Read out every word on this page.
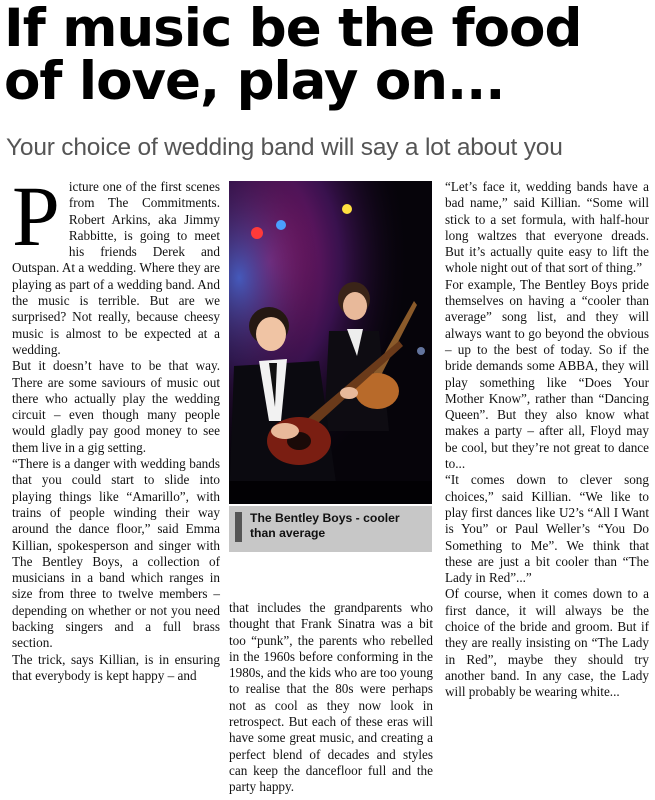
If music be the food of love, play on...
Your choice of wedding band will say a lot about you

Picture one of the first scenes from The Commitments. Robert Arkins, aka Jimmy Rabbitte, is going to meet his friends Derek and Outspan. At a wedding. Where they are playing as part of a wedding band. And the music is terrible. But are we surprised? Not really, because cheesy music is almost to be expected at a wedding.

But it doesn’t have to be that way. There are some saviours of music out there who actually play the wedding circuit – even though many people would gladly pay good money to see them live in a gig setting.

“There is a danger with wedding bands that you could start to slide into playing things like “Amarillo”, with trains of people winding their way around the dance floor,” said Emma Killian, spokesperson and singer with The Bentley Boys, a collection of musicians in a band which ranges in size from three to twelve members – depending on whether or not you need backing singers and a full brass section.

The trick, says Killian, is in ensuring that everybody is kept happy – and

The Bentley Boys - cooler than average

that includes the grandparents who thought that Frank Sinatra was a bit too “punk”, the parents who rebelled in the 1960s before conforming in the 1980s, and the kids who are too young to realise that the 80s were perhaps not as cool as they now look in retrospect. But each of these eras will have some great music, and creating a perfect blend of decades and styles can keep the dancefloor full and the party happy.

“Let’s face it, wedding bands have a bad name,” said Killian. “Some will stick to a set formula, with half-hour long waltzes that everyone dreads. But it’s actually quite easy to lift the whole night out of that sort of thing.”

For example, The Bentley Boys pride themselves on having a “cooler than average” song list, and they will always want to go beyond the obvious – up to the best of today. So if the bride demands some ABBA, they will play something like “Does Your Mother Know”, rather than “Dancing Queen”. But they also know what makes a party – after all, Floyd may be cool, but they’re not great to dance to...

“It comes down to clever song choices,” said Killian. “We like to play first dances like U2’s “All I Want is You” or Paul Weller’s “You Do Something to Me”. We think that these are just a bit cooler than “The Lady in Red”...”

Of course, when it comes down to a first dance, it will always be the choice of the bride and groom. But if they are really insisting on “The Lady in Red”, maybe they should try another band. In any case, the Lady will probably be wearing white...
